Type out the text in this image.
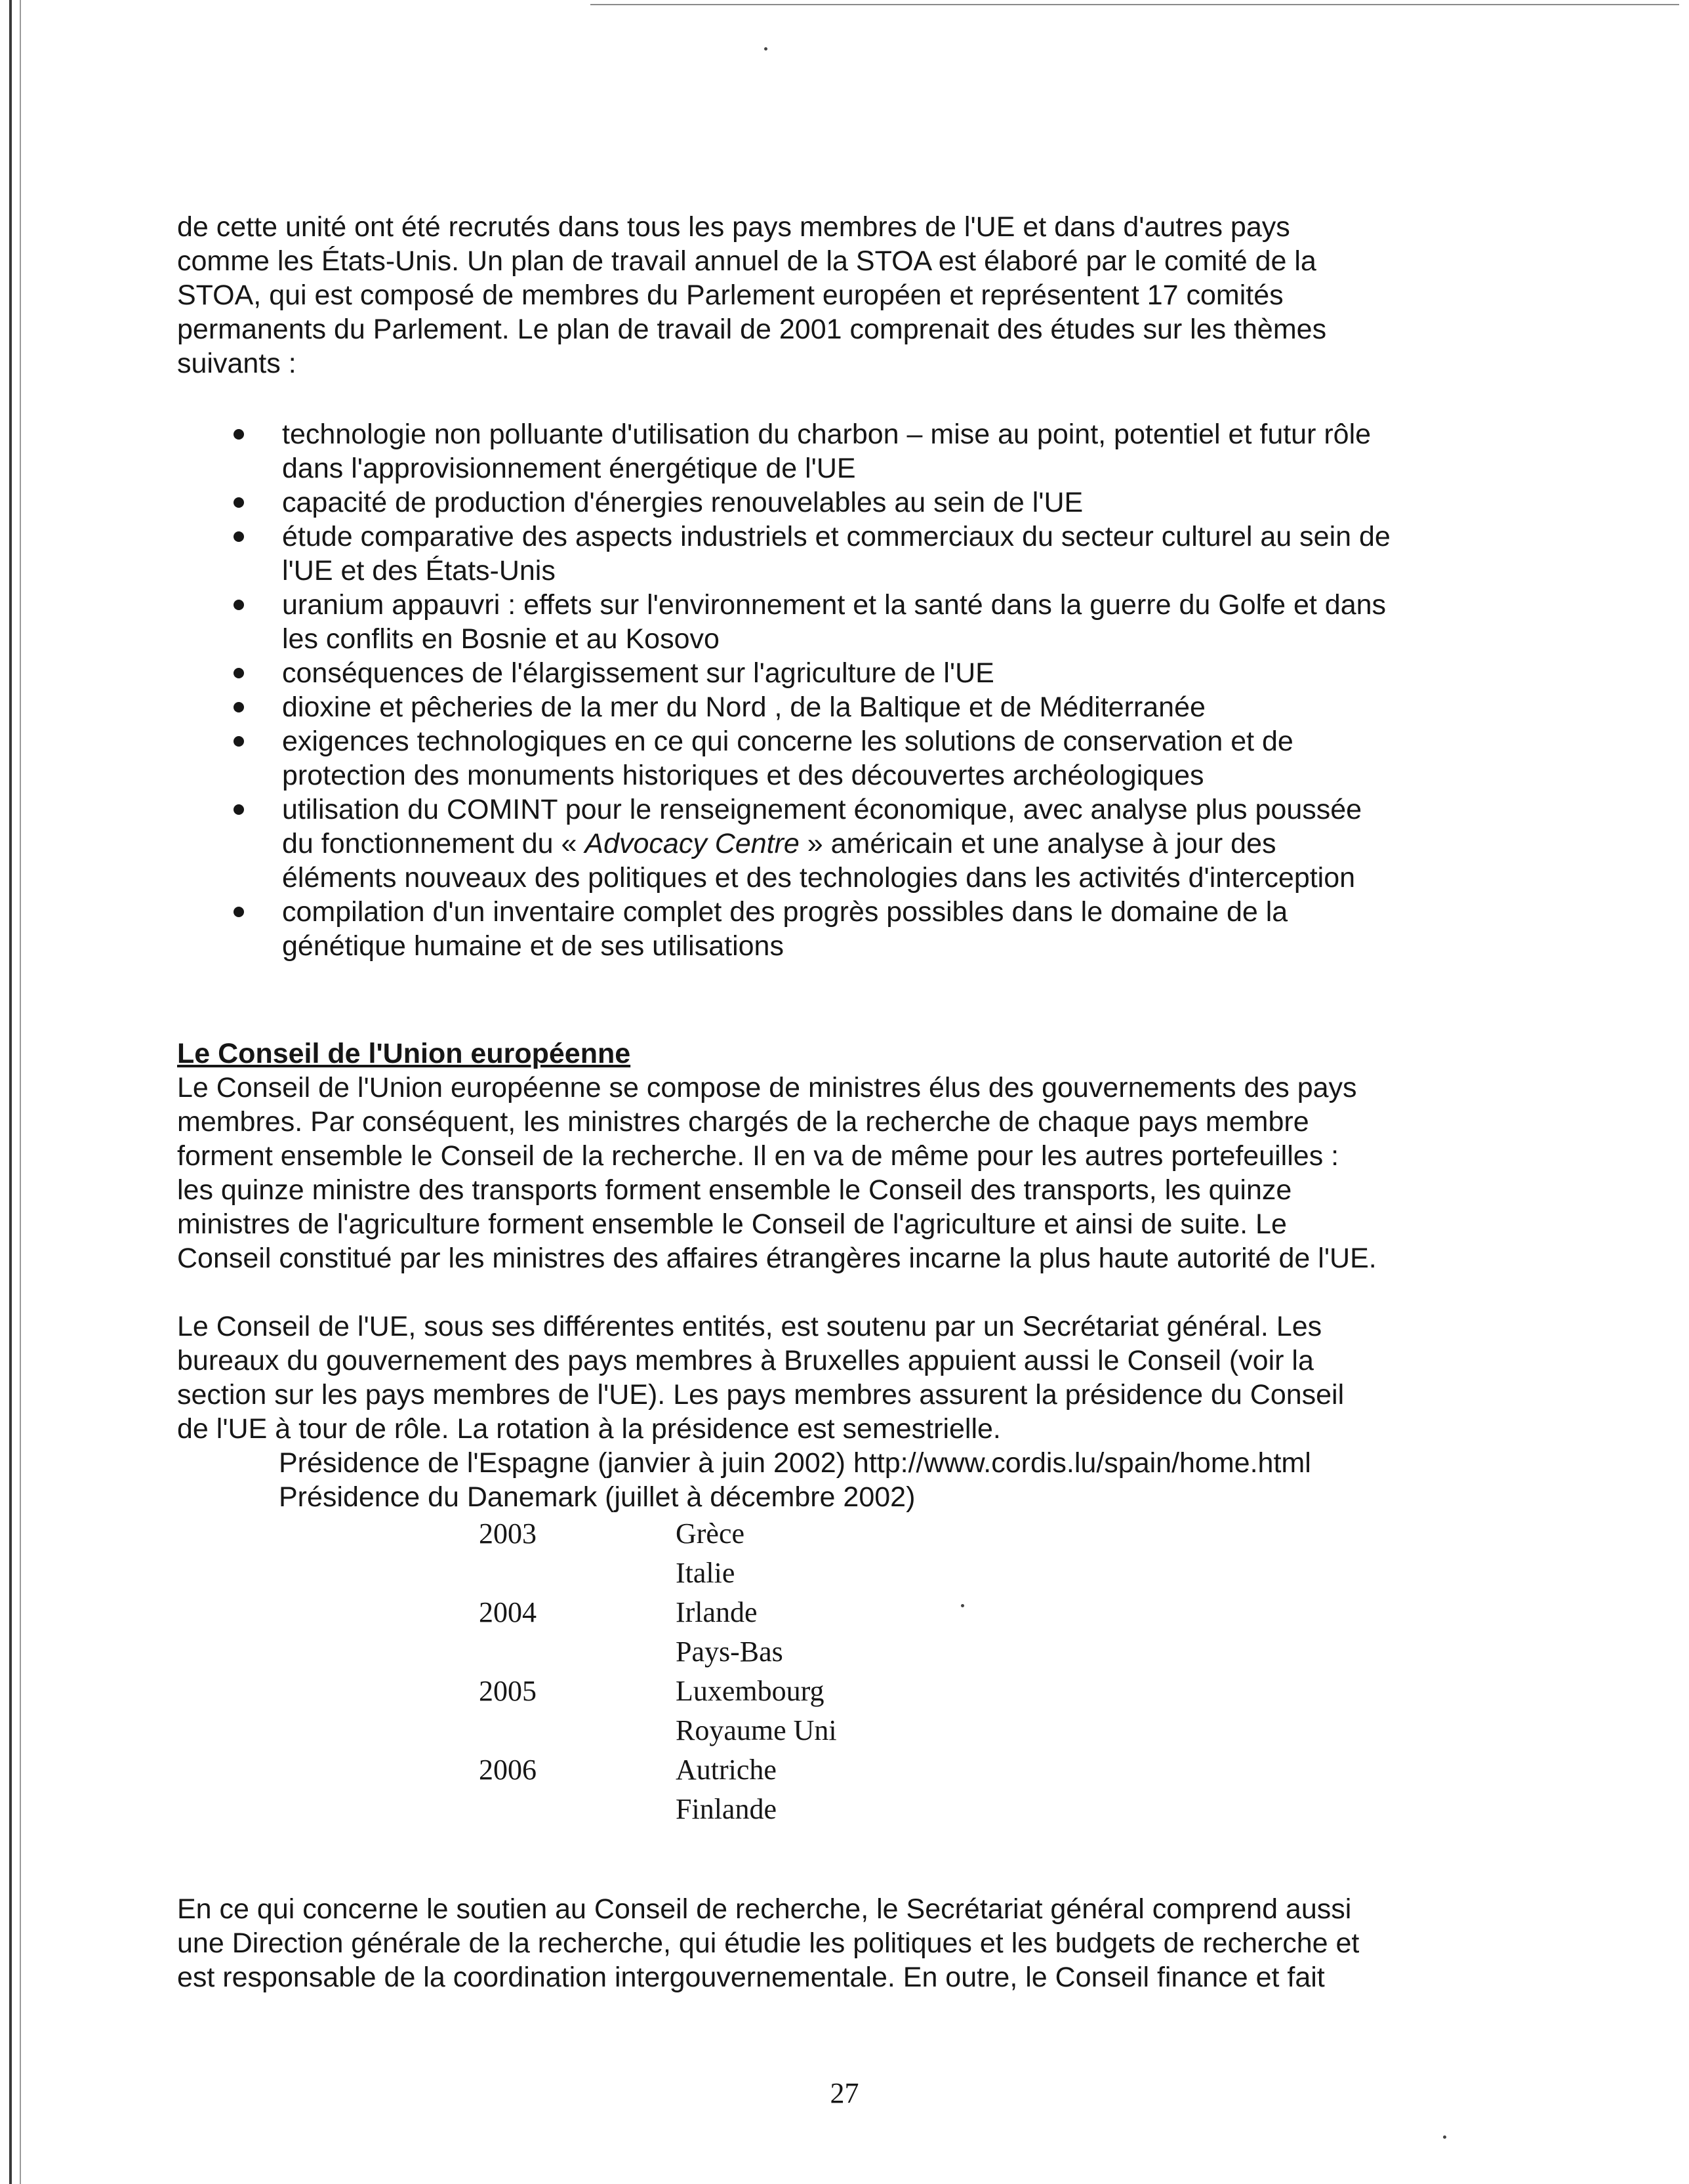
de cette unité ont été recrutés dans tous les pays membres de l'UE et dans d'autres pays
comme les États-Unis. Un plan de travail annuel de la STOA est élaboré par le comité de la
STOA, qui est composé de membres du Parlement européen et représentent 17 comités
permanents du Parlement. Le plan de travail de 2001 comprenait des études sur les thèmes
suivants :

technologie non polluante d'utilisation du charbon – mise au point, potentiel et futur rôle
dans l'approvisionnement énergétique de l'UE
capacité de production d'énergies renouvelables au sein de l'UE
étude comparative des aspects industriels et commerciaux du secteur culturel au sein de
l'UE et des États-Unis
uranium appauvri : effets sur l'environnement et la santé dans la guerre du Golfe et dans
les conflits en Bosnie et au Kosovo
conséquences de l'élargissement sur l'agriculture de l'UE
dioxine et pêcheries de la mer du Nord , de la Baltique et de Méditerranée
exigences technologiques en ce qui concerne les solutions de conservation et de
protection des monuments historiques et des découvertes archéologiques
utilisation du COMINT pour le renseignement économique, avec analyse plus poussée
du fonctionnement du « Advocacy Centre » américain et une analyse à jour des
éléments nouveaux des politiques et des technologies dans les activités d'interception
compilation d'un inventaire complet des progrès possibles dans le domaine de la
génétique humaine et de ses utilisations
Le Conseil de l'Union européenne

Le Conseil de l'Union européenne se compose de ministres élus des gouvernements des pays
membres. Par conséquent, les ministres chargés de la recherche de chaque pays membre
forment ensemble le Conseil de la recherche. Il en va de même pour les autres portefeuilles :
les quinze ministre des transports forment ensemble le Conseil des transports, les quinze
ministres de l'agriculture forment ensemble le Conseil de l'agriculture et ainsi de suite. Le
Conseil constitué par les ministres des affaires étrangères incarne la plus haute autorité de l'UE.

Le Conseil de l'UE, sous ses différentes entités, est soutenu par un Secrétariat général. Les
bureaux du gouvernement des pays membres à Bruxelles appuient aussi le Conseil (voir la
section sur les pays membres de l'UE). Les pays membres assurent la présidence du Conseil
de l'UE à tour de rôle. La rotation à la présidence est semestrielle.

Présidence de l'Espagne (janvier à juin 2002) http://www.cordis.lu/spain/home.html
Présidence du Danemark (juillet à décembre 2002)
2003	Grèce
Italie
2004	Irlande
Pays-Bas
2005	Luxembourg
Royaume Uni
2006	Autriche
Finlande

En ce qui concerne le soutien au Conseil de recherche, le Secrétariat général comprend aussi
une Direction générale de la recherche, qui étudie les politiques et les budgets de recherche et
est responsable de la coordination intergouvernementale. En outre, le Conseil finance et fait

27
